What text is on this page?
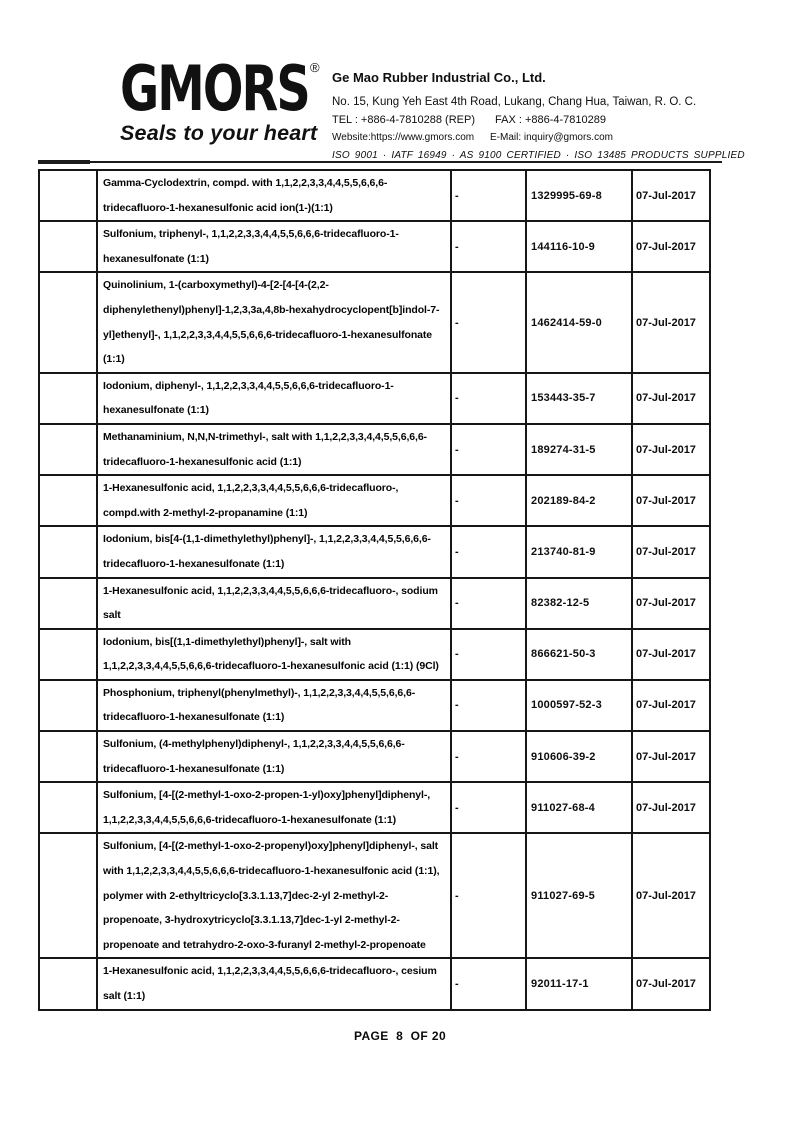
GMORS ®
Seals to your heart
Ge Mao Rubber Industrial Co., Ltd.
No. 15, Kung Yeh East 4th Road, Lukang, Chang Hua, Taiwan, R. O. C.
TEL : +886-4-7810288 (REP)	FAX : +886-4-7810289
Website:https://www.gmors.com	E-Mail: inquiry@gmors.com
ISO 9001 · IATF 16949 · AS 9100 CERTIFIED · ISO 13485 PRODUCTS SUPPLIED
	Gamma-Cyclodextrin, compd. with 1,1,2,2,3,3,4,4,5,5,6,6,6-tridecafluoro-1-hexanesulfonic acid ion(1-)(1:1)	-	1329995-69-8	07-Jul-2017
	Sulfonium, triphenyl-, 1,1,2,2,3,3,4,4,5,5,6,6,6-tridecafluoro-1-hexanesulfonate (1:1)	-	144116-10-9	07-Jul-2017
	Quinolinium, 1-(carboxymethyl)-4-[2-[4-[4-(2,2-diphenylethenyl)phenyl]-1,2,3,3a,4,8b-hexahydrocyclopent[b]indol-7-yl]ethenyl]-, 1,1,2,2,3,3,4,4,5,5,6,6,6-tridecafluoro-1-hexanesulfonate (1:1)	-	1462414-59-0	07-Jul-2017
	Iodonium, diphenyl-, 1,1,2,2,3,3,4,4,5,5,6,6,6-tridecafluoro-1-hexanesulfonate (1:1)	-	153443-35-7	07-Jul-2017
	Methanaminium, N,N,N-trimethyl-, salt with 1,1,2,2,3,3,4,4,5,5,6,6,6-tridecafluoro-1-hexanesulfonic acid (1:1)	-	189274-31-5	07-Jul-2017
	1-Hexanesulfonic acid, 1,1,2,2,3,3,4,4,5,5,6,6,6-tridecafluoro-, compd.with 2-methyl-2-propanamine (1:1)	-	202189-84-2	07-Jul-2017
	Iodonium, bis[4-(1,1-dimethylethyl)phenyl]-, 1,1,2,2,3,3,4,4,5,5,6,6,6-tridecafluoro-1-hexanesulfonate (1:1)	-	213740-81-9	07-Jul-2017
	1-Hexanesulfonic acid, 1,1,2,2,3,3,4,4,5,5,6,6,6-tridecafluoro-, sodium salt	-	82382-12-5	07-Jul-2017
	Iodonium, bis[(1,1-dimethylethyl)phenyl]-, salt with 1,1,2,2,3,3,4,4,5,5,6,6,6-tridecafluoro-1-hexanesulfonic acid (1:1) (9Cl)	-	866621-50-3	07-Jul-2017
	Phosphonium, triphenyl(phenylmethyl)-, 1,1,2,2,3,3,4,4,5,5,6,6,6-tridecafluoro-1-hexanesulfonate (1:1)	-	1000597-52-3	07-Jul-2017
	Sulfonium, (4-methylphenyl)diphenyl-, 1,1,2,2,3,3,4,4,5,5,6,6,6-tridecafluoro-1-hexanesulfonate (1:1)	-	910606-39-2	07-Jul-2017
	Sulfonium, [4-[(2-methyl-1-oxo-2-propen-1-yl)oxy]phenyl]diphenyl-, 1,1,2,2,3,3,4,4,5,5,6,6,6-tridecafluoro-1-hexanesulfonate (1:1)	-	911027-68-4	07-Jul-2017
	Sulfonium, [4-[(2-methyl-1-oxo-2-propenyl)oxy]phenyl]diphenyl-, salt with 1,1,2,2,3,3,4,4,5,5,6,6,6-tridecafluoro-1-hexanesulfonic acid (1:1), polymer with 2-ethyltricyclo[3.3.1.13,7]dec-2-yl 2-methyl-2-propenoate, 3-hydroxytricyclo[3.3.1.13,7]dec-1-yl 2-methyl-2-propenoate and tetrahydro-2-oxo-3-furanyl 2-methyl-2-propenoate	-	911027-69-5	07-Jul-2017
	1-Hexanesulfonic acid, 1,1,2,2,3,3,4,4,5,5,6,6,6-tridecafluoro-, cesium salt (1:1)	-	92011-17-1	07-Jul-2017
PAGE  8  OF 20
